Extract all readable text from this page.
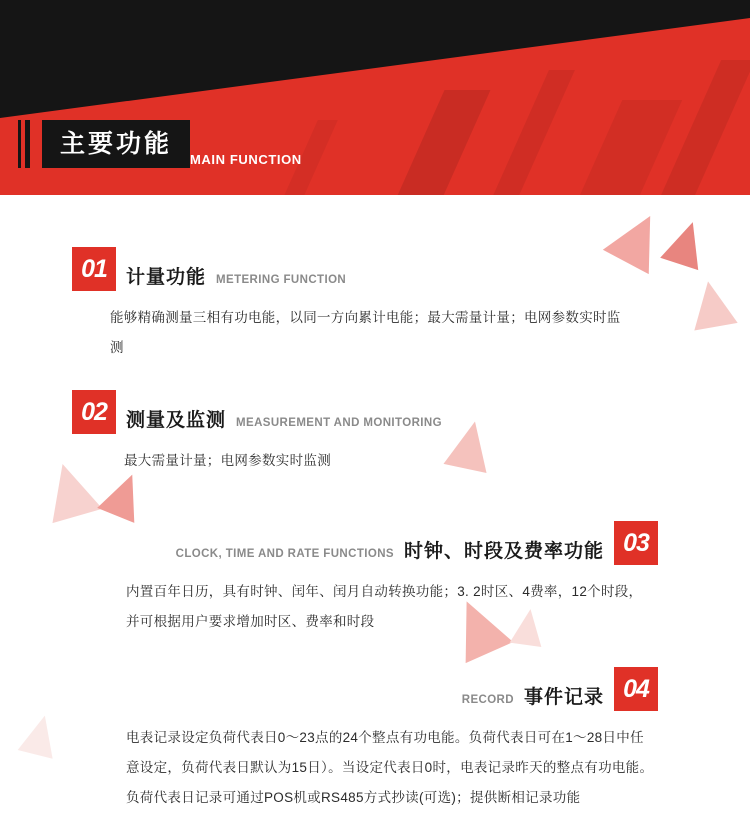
主要功能
MAIN FUNCTION
01	计量功能 METERING FUNCTION
能够精确测量三相有功电能，以同一方向累计电能；最大需量计量；电网参数实时监测
02	测量及监测 MEASUREMENT AND MONITORING
最大需量计量；电网参数实时监测
CLOCK, TIME AND RATE FUNCTIONS 时钟、时段及费率功能 03
内置百年日历，具有时钟、闰年、闰月自动转换功能；3. 2时区、4费率，12个时段，并可根据用户要求增加时区、费率和时段
RECORD 事件记录 04
电表记录设定负荷代表日0～23点的24个整点有功电能。负荷代表日可在1～28日中任意设定，负荷代表日默认为15日）。当设定代表日0时，电表记录昨天的整点有功电能。负荷代表日记录可通过POS机或RS485方式抄读(可选)；提供断相记录功能
